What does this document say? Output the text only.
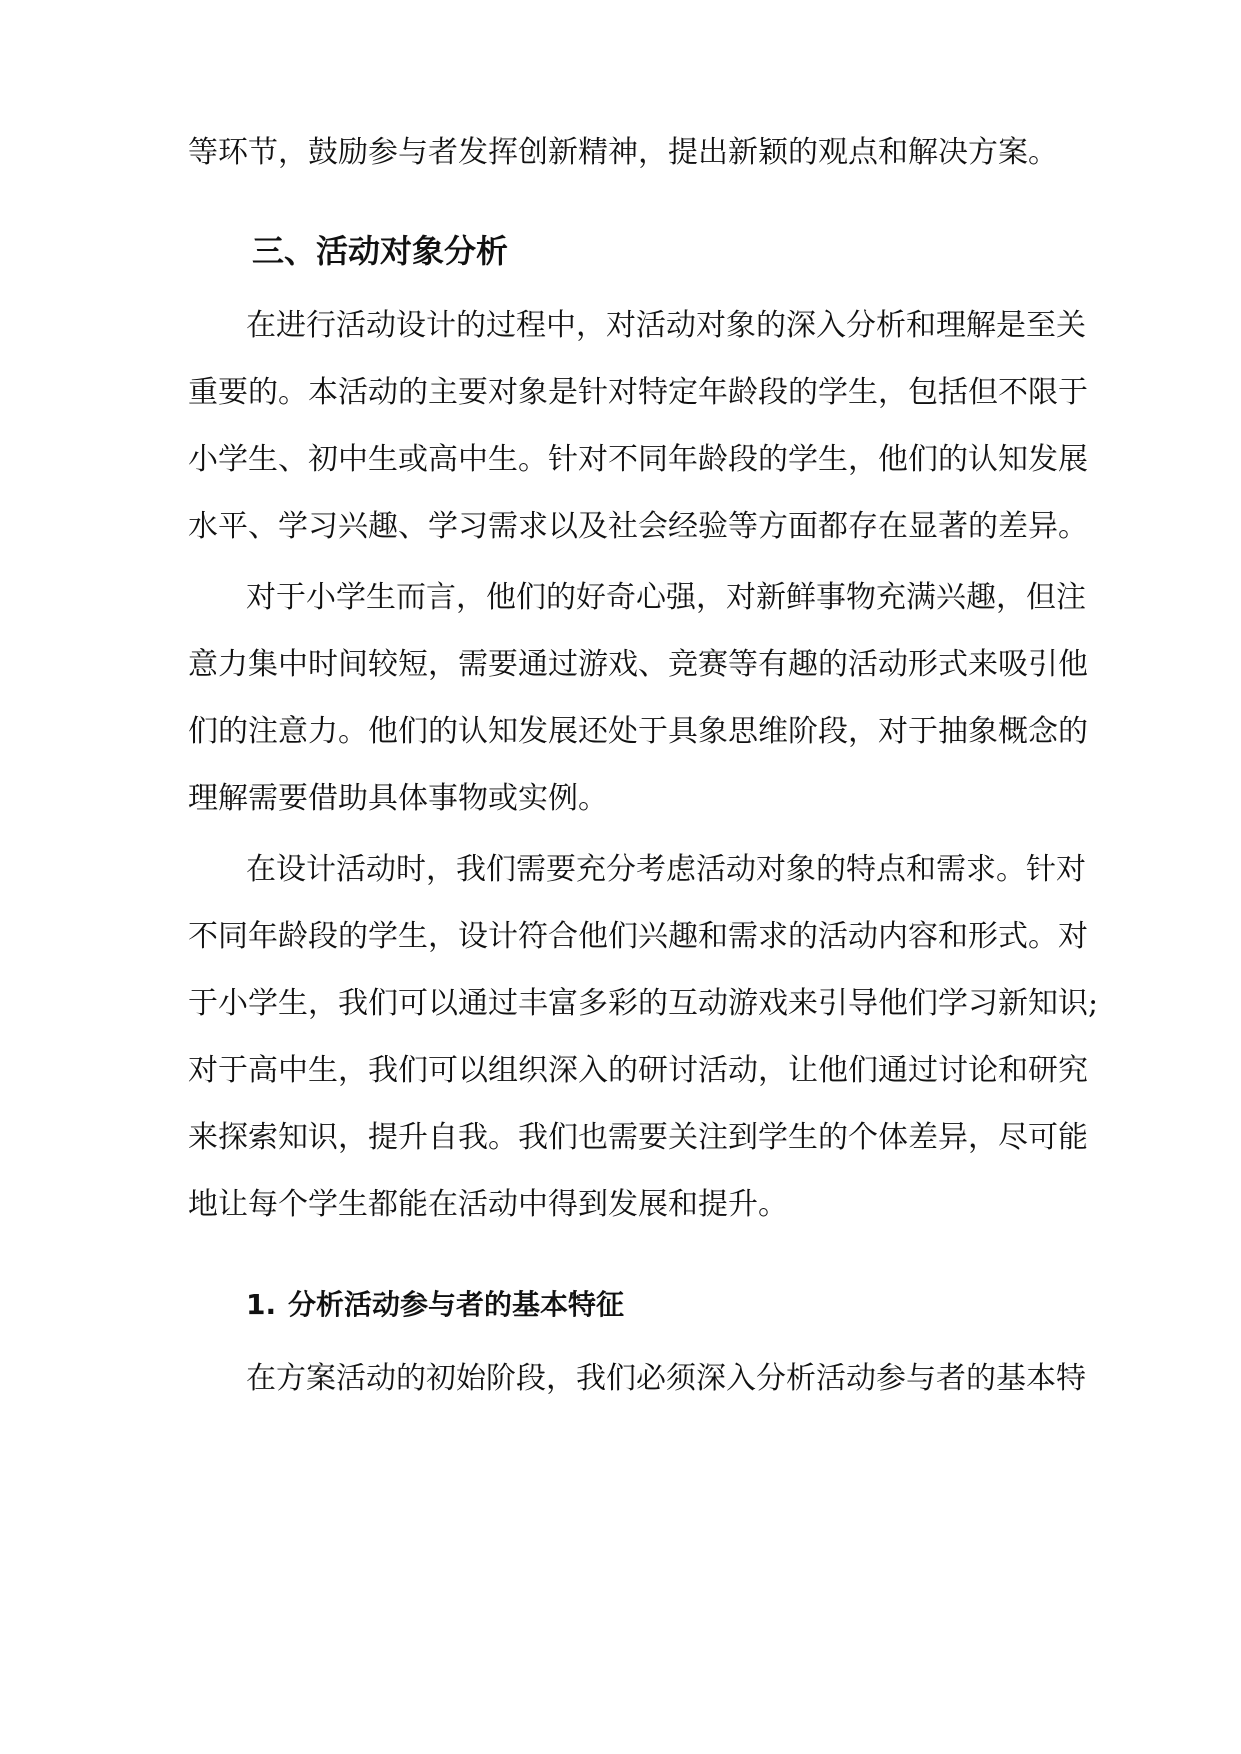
等环节，鼓励参与者发挥创新精神，提出新颖的观点和解决方案。
三、活动对象分析
在进行活动设计的过程中，对活动对象的深入分析和理解是至关
重要的。本活动的主要对象是针对特定年龄段的学生，包括但不限于
小学生、初中生或高中生。针对不同年龄段的学生，他们的认知发展
水平、学习兴趣、学习需求以及社会经验等方面都存在显著的差异。
对于小学生而言，他们的好奇心强，对新鲜事物充满兴趣，但注
意力集中时间较短，需要通过游戏、竞赛等有趣的活动形式来吸引他
们的注意力。他们的认知发展还处于具象思维阶段，对于抽象概念的
理解需要借助具体事物或实例。
在设计活动时，我们需要充分考虑活动对象的特点和需求。针对
不同年龄段的学生，设计符合他们兴趣和需求的活动内容和形式。对
于小学生，我们可以通过丰富多彩的互动游戏来引导他们学习新知识;
对于高中生，我们可以组织深入的研讨活动，让他们通过讨论和研究
来探索知识，提升自我。我们也需要关注到学生的个体差异，尽可能
地让每个学生都能在活动中得到发展和提升。
1. 分析活动参与者的基本特征
在方案活动的初始阶段，我们必须深入分析活动参与者的基本特
